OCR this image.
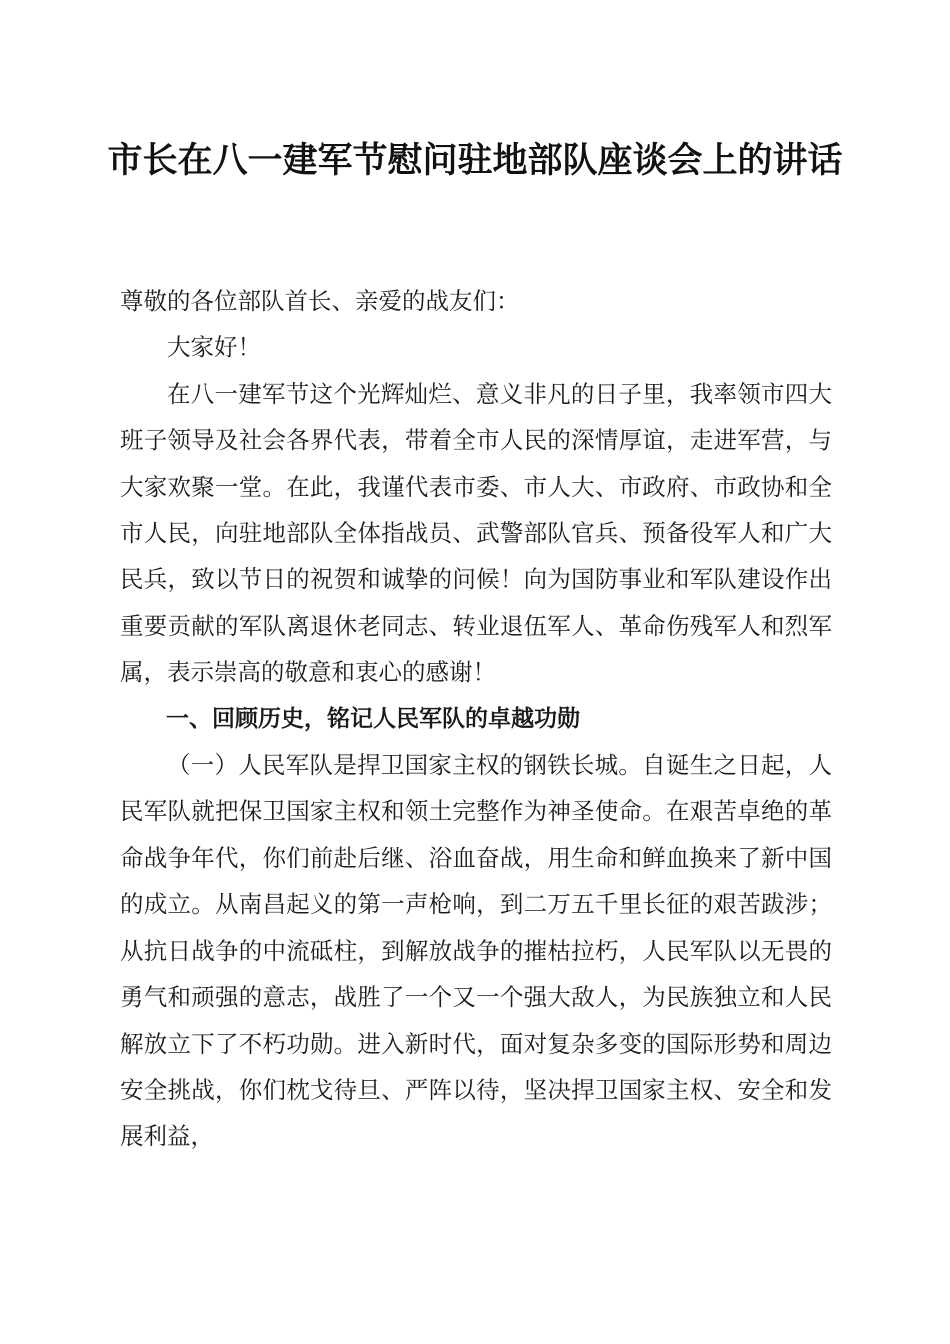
市长在八一建军节慰问驻地部队座谈会上的讲话

尊敬的各位部队首长、亲爱的战友们：

大家好！

在八一建军节这个光辉灿烂、意义非凡的日子里，我率领市四大班子领导及社会各界代表，带着全市人民的深情厚谊，走进军营，与大家欢聚一堂。在此，我谨代表市委、市人大、市政府、市政协和全市人民，向驻地部队全体指战员、武警部队官兵、预备役军人和广大民兵，致以节日的祝贺和诚挚的问候！向为国防事业和军队建设作出重要贡献的军队离退休老同志、转业退伍军人、革命伤残军人和烈军属，表示崇高的敬意和衷心的感谢！

一、回顾历史，铭记人民军队的卓越功勋

（一）人民军队是捍卫国家主权的钢铁长城。自诞生之日起，人民军队就把保卫国家主权和领土完整作为神圣使命。在艰苦卓绝的革命战争年代，你们前赴后继、浴血奋战，用生命和鲜血换来了新中国的成立。从南昌起义的第一声枪响，到二万五千里长征的艰苦跋涉；从抗日战争的中流砥柱，到解放战争的摧枯拉朽，人民军队以无畏的勇气和顽强的意志，战胜了一个又一个强大敌人，为民族独立和人民解放立下了不朽功勋。进入新时代，面对复杂多变的国际形势和周边安全挑战，你们枕戈待旦、严阵以待，坚决捍卫国家主权、安全和发展利益，
